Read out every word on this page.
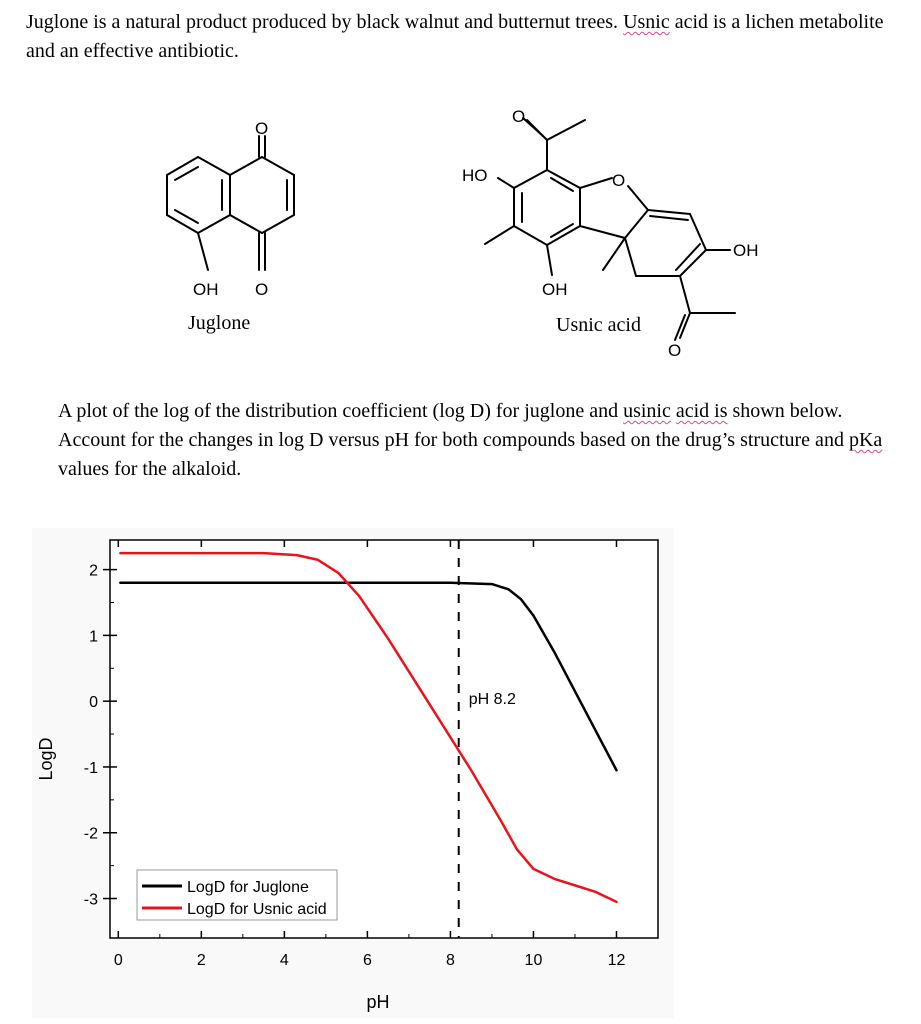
Juglone is a natural product produced by black walnut and butternut trees. Usnic acid is a lichen metabolite and an effective antibiotic.
O
OH O
O
HO	O
OH
OH
O
Juglone	Usnic acid
A plot of the log of the distribution coefficient (log D) for juglone and usinic acid is shown below. Account for the changes in log D versus pH for both compounds based on the drug’s structure and pKa values for the alkaloid.
0	2	4	6	8	10	12
2
1
0
-1
-2
-3
pH
LogD
pH 8.2
LogD for Juglone
LogD for Usnic acid
